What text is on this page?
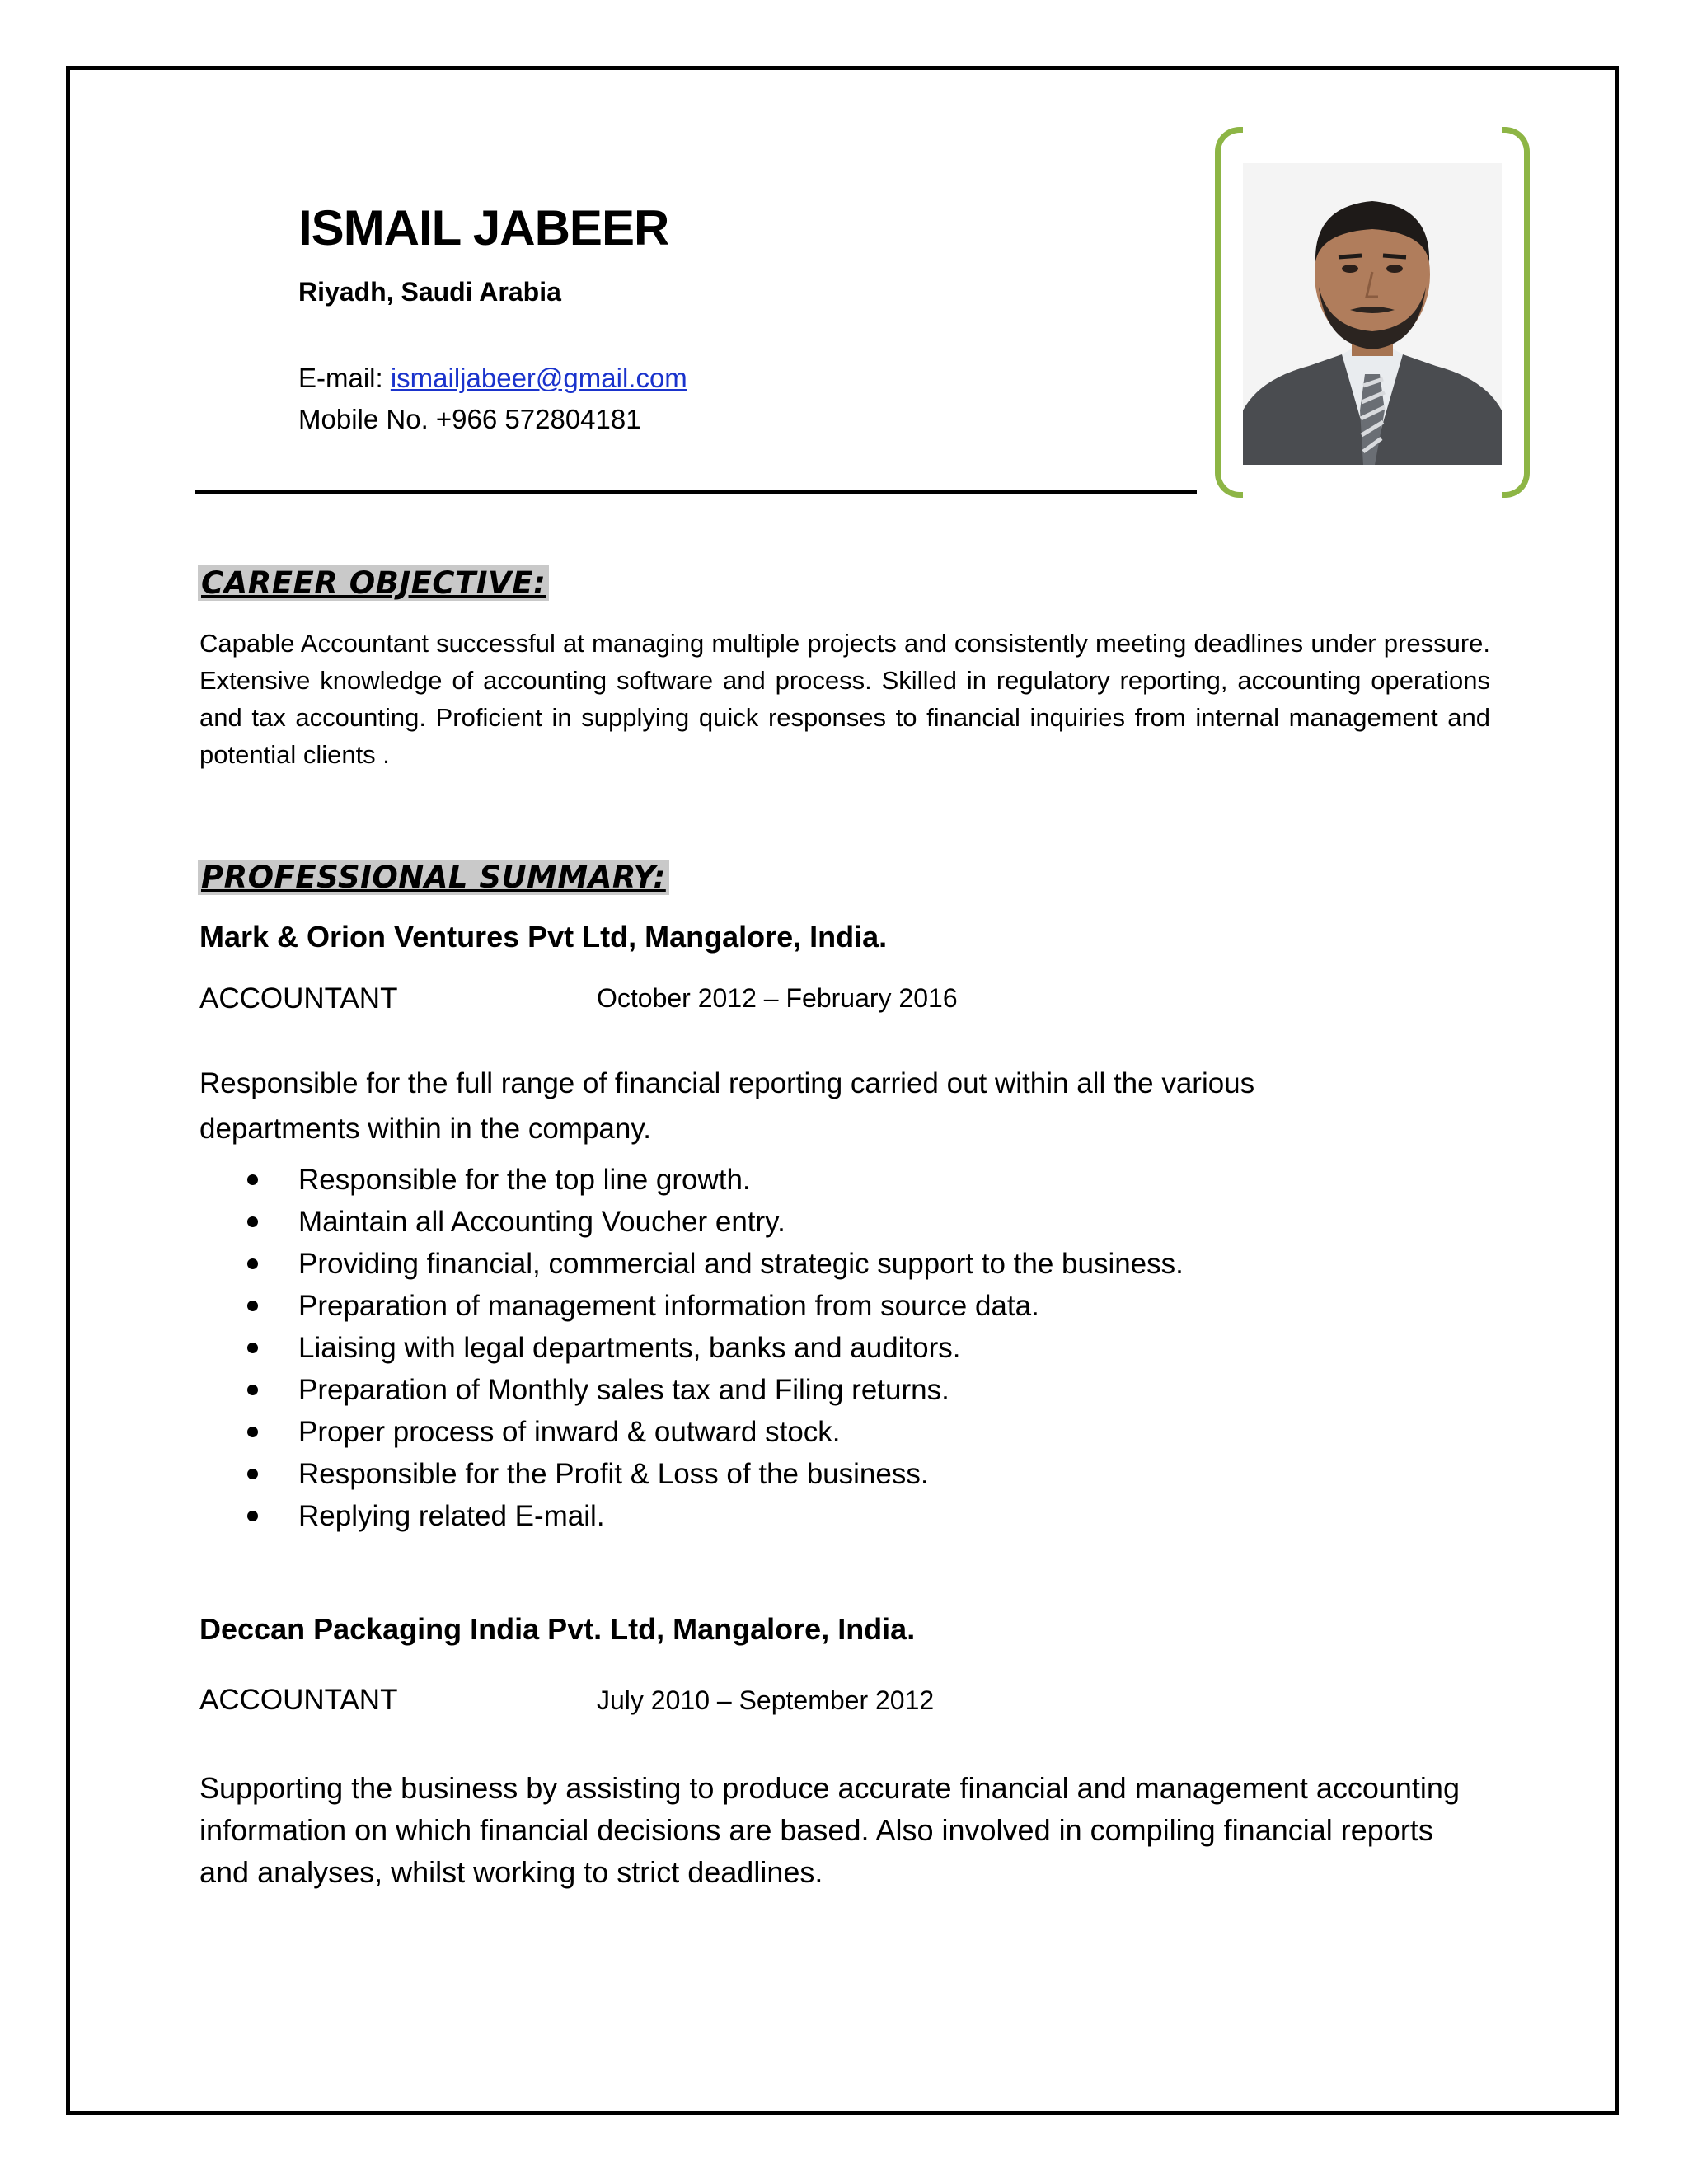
ISMAIL JABEER
Riyadh, Saudi Arabia
E-mail: ismailjabeer@gmail.com
Mobile No. +966 572804181
CAREER OBJECTIVE:
Capable Accountant successful at managing multiple projects and consistently meeting deadlines under pressure. Extensive knowledge of accounting software and process. Skilled in regulatory reporting, accounting operations and tax accounting. Proficient in supplying quick responses to financial inquiries from internal management and potential clients .
PROFESSIONAL SUMMARY:
Mark & Orion Ventures Pvt Ltd, Mangalore, India.
ACCOUNTANT	October 2012 – February 2016
Responsible for the full range of financial reporting carried out within all the various departments within in the company.
Responsible for the top line growth.
Maintain all Accounting Voucher entry.
Providing financial, commercial and strategic support to the business.
Preparation of management information from source data.
Liaising with legal departments, banks and auditors.
Preparation of Monthly sales tax and Filing returns.
Proper process of inward & outward stock.
Responsible for the Profit & Loss of the business.
Replying related E-mail.
Deccan Packaging India Pvt. Ltd, Mangalore, India.
ACCOUNTANT	July 2010 – September 2012
Supporting the business by assisting to produce accurate financial and management accounting information on which financial decisions are based. Also involved in compiling financial reports and analyses, whilst working to strict deadlines.
